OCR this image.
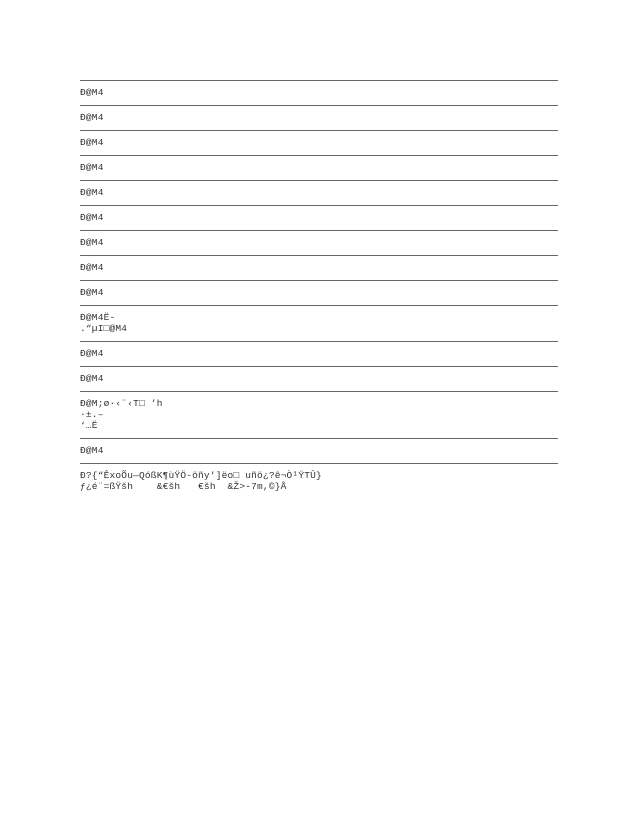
Ð@M4
Ð@M4
Ð@M4
Ð@M4
Ð@M4
Ð@M4
Ð@M4
Ð@M4
Ð@M4
Ð@M4Ë-
.“µI□@M4
Ð@M4
Ð@M4
Ð@M;ø·‹¨‹T□ ’h
·±.–
‘…Ë
Ð@M4
Ð?{“ÊxoÕu—QóßK¶ùŸÖ-öñy']ëo□ uñö¿?ê¬Ò¹ŸTÛ}
ƒ¿é¨=ßŸšh    &€šh   €šh  &Ž>-7m,©}Å
